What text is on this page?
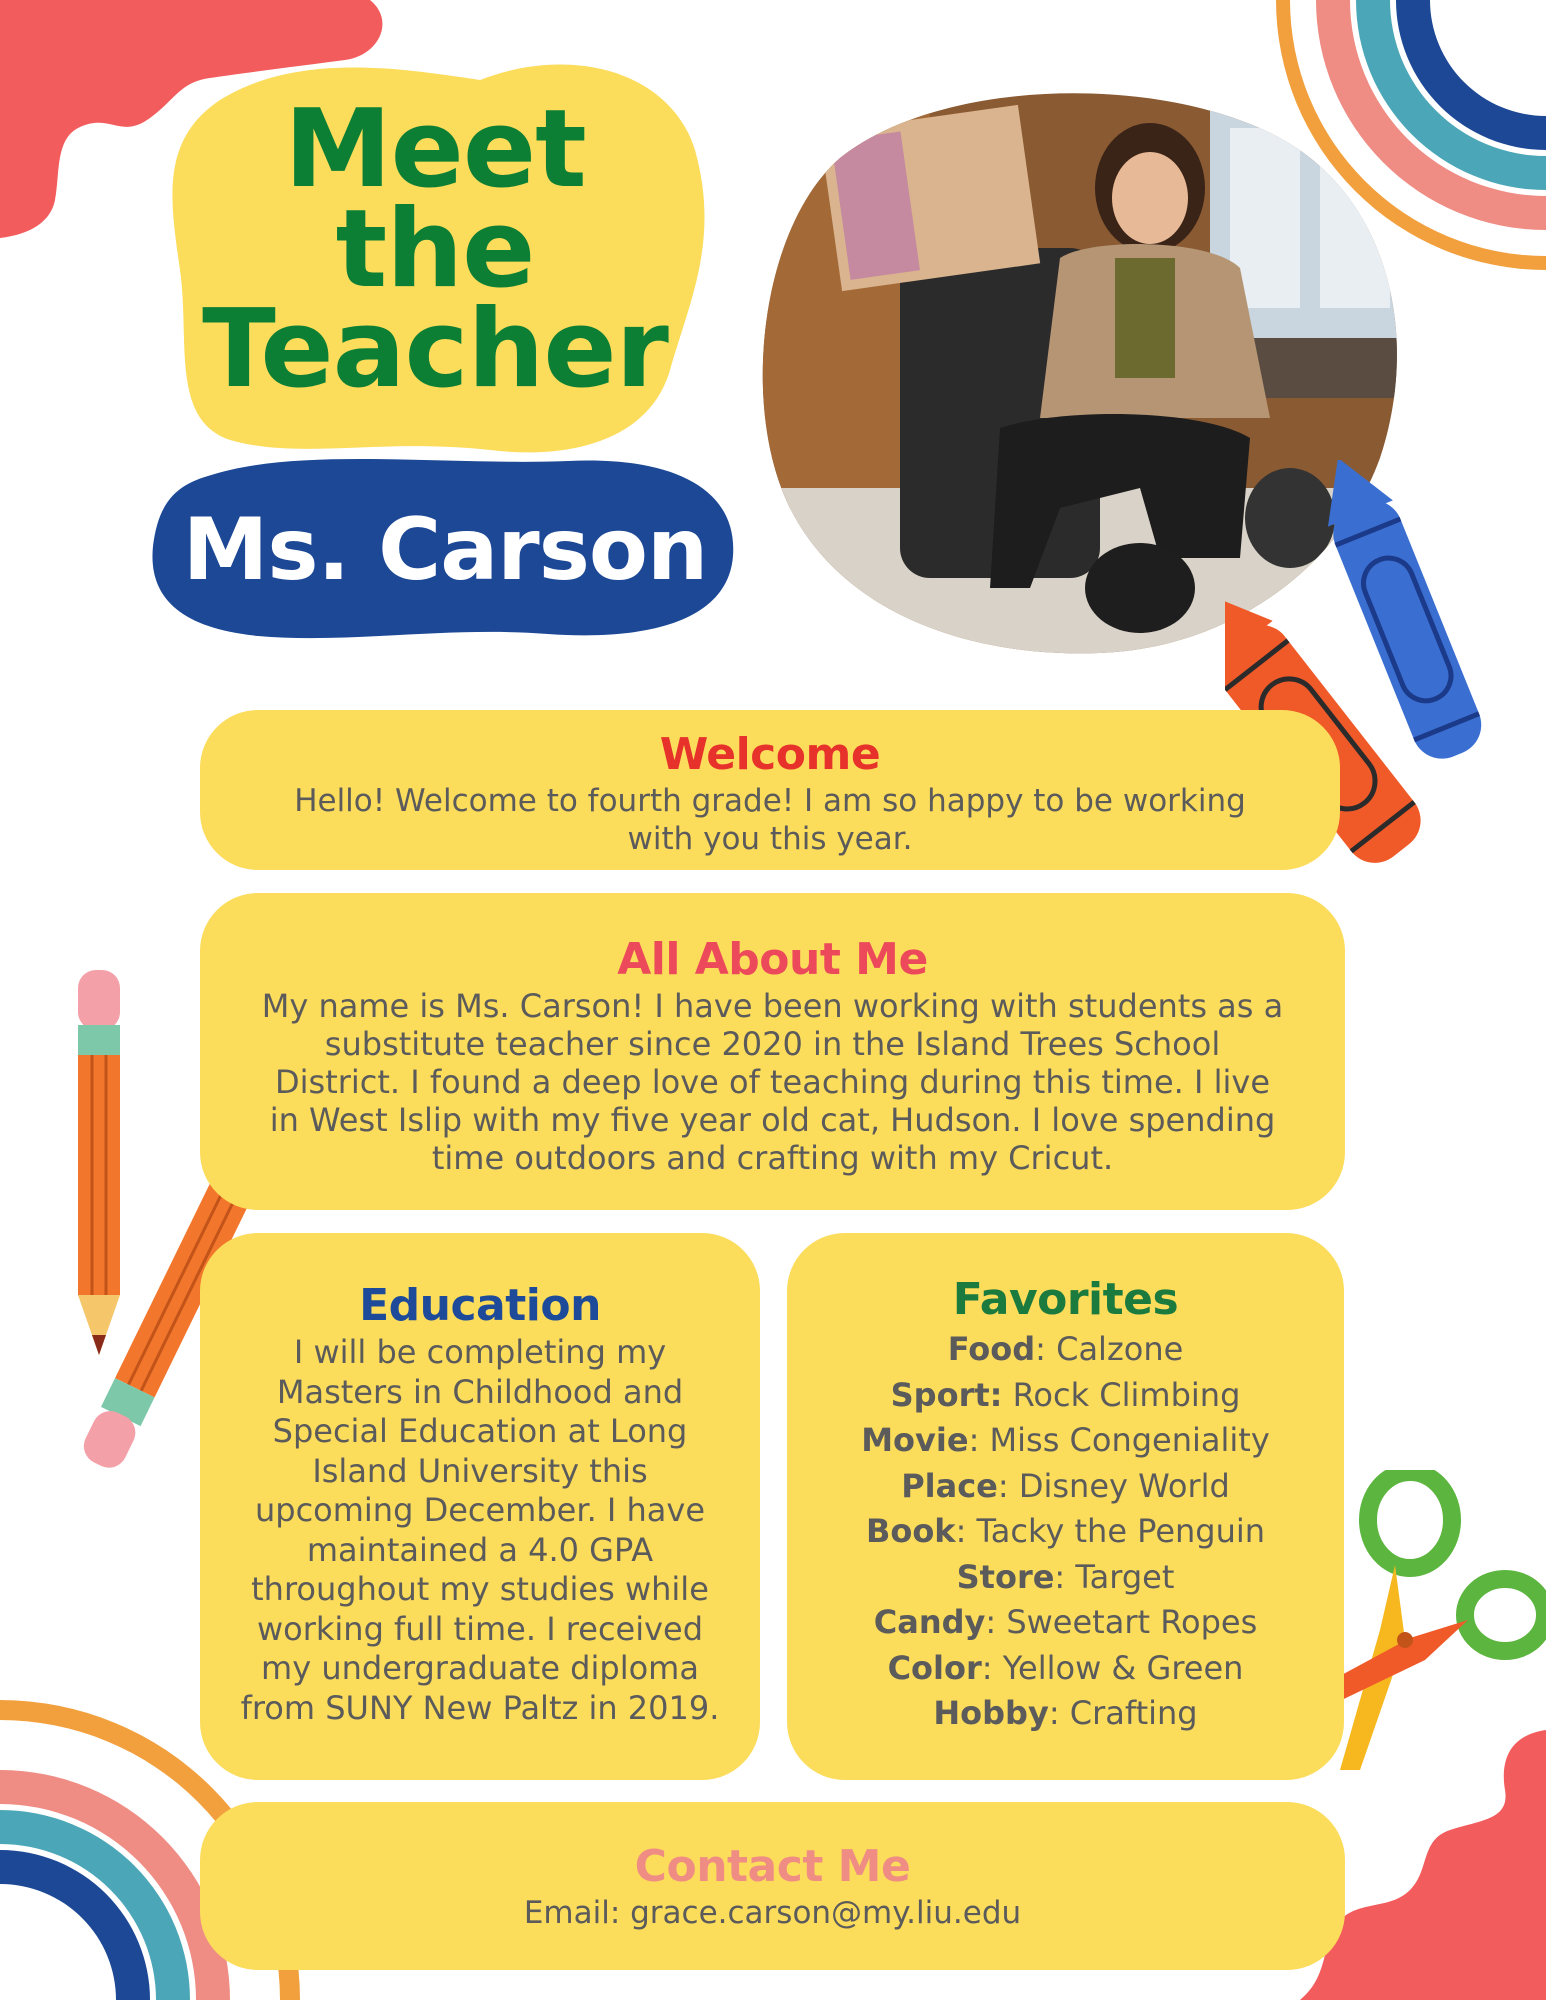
Meet
the
Teacher
Ms. Carson
Welcome

Hello! Welcome to fourth grade! I am so happy to be working

with you this year.

All About Me

My name is Ms. Carson! I have been working with students as a

substitute teacher since 2020 in the Island Trees School

District. I found a deep love of teaching during this time. I live

in West Islip with my five year old cat, Hudson. I love spending

time outdoors and crafting with my Cricut.

Education

I will be completing my

Masters in Childhood and

Special Education at Long

Island University this

upcoming December. I have

maintained a 4.0 GPA

throughout my studies while

working full time. I received

my undergraduate diploma

from SUNY New Paltz in 2019.

Favorites
Food: Calzone
Sport: Rock Climbing
Movie: Miss Congeniality
Place: Disney World
Book: Tacky the Penguin
Store: Target
Candy: Sweetart Ropes
Color: Yellow & Green
Hobby: Crafting
Contact Me

Email: grace.carson@my.liu.edu
